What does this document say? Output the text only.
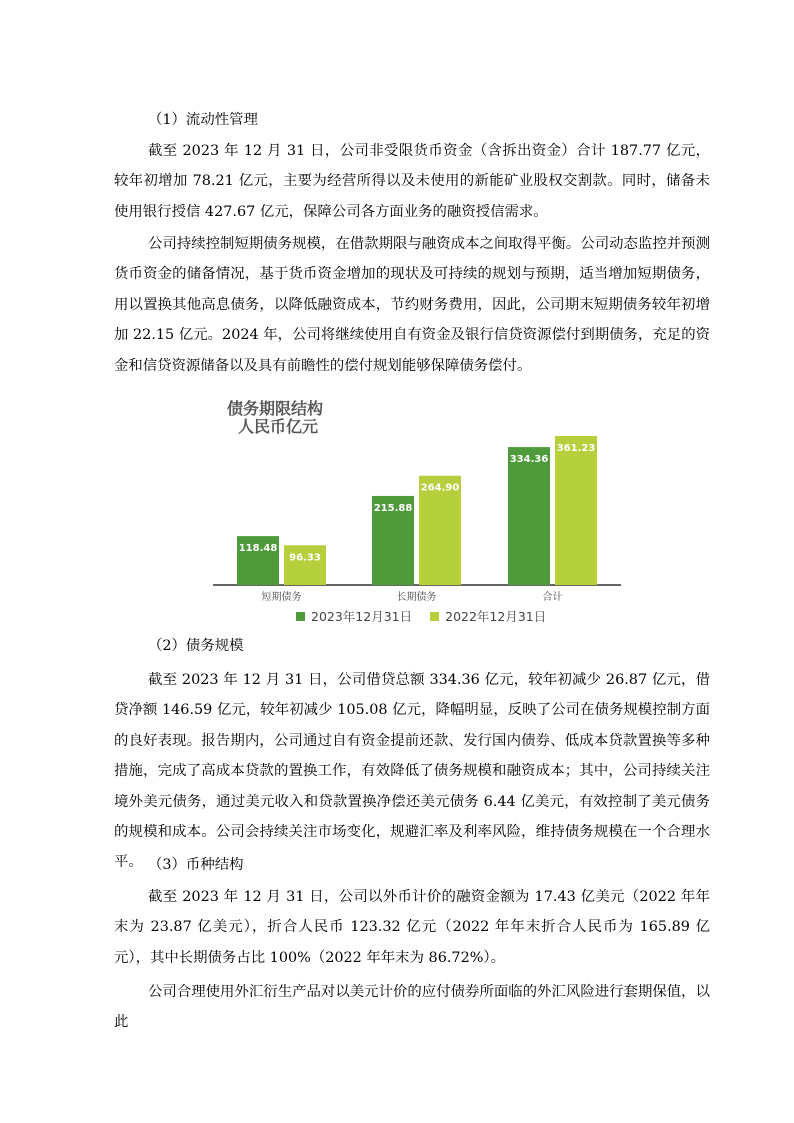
（1）流动性管理

截至 2023 年 12 月 31 日，公司非受限货币资金（含拆出资金）合计 187.77 亿元，较年初增加 78.21 亿元，主要为经营所得以及未使用的新能矿业股权交割款。同时，储备未使用银行授信 427.67 亿元，保障公司各方面业务的融资授信需求。

公司持续控制短期债务规模，在借款期限与融资成本之间取得平衡。公司动态监控并预测货币资金的储备情况，基于货币资金增加的现状及可持续的规划与预期，适当增加短期债务，用以置换其他高息债务，以降低融资成本，节约财务费用，因此，公司期末短期债务较年初增加 22.15 亿元。2024 年，公司将继续使用自有资金及银行信贷资源偿付到期债务，充足的资金和信贷资源储备以及具有前瞻性的偿付规划能够保障债务偿付。

债务期限结构
人民币亿元
118.48
96.33
短期债务
215.88
264.90
长期债务
334.36
361.23
合计
2023年12月31日	2022年12月31日

（2）债务规模

截至 2023 年 12 月 31 日，公司借贷总额 334.36 亿元，较年初减少 26.87 亿元，借贷净额 146.59 亿元，较年初减少 105.08 亿元，降幅明显，反映了公司在债务规模控制方面的良好表现。报告期内，公司通过自有资金提前还款、发行国内债券、低成本贷款置换等多种措施，完成了高成本贷款的置换工作，有效降低了债务规模和融资成本；其中，公司持续关注境外美元债务，通过美元收入和贷款置换净偿还美元债务 6.44 亿美元，有效控制了美元债务的规模和成本。公司会持续关注市场变化，规避汇率及利率风险，维持债务规模在一个合理水平。 （3）币种结构

截至 2023 年 12 月 31 日，公司以外币计价的融资金额为 17.43 亿美元（2022 年年末为 23.87 亿美元），折合人民币 123.32 亿元（2022 年年末折合人民币为 165.89 亿元），其中长期债务占比 100%（2022 年年末为 86.72%）。

公司合理使用外汇衍生产品对以美元计价的应付债券所面临的外汇风险进行套期保值，以此
